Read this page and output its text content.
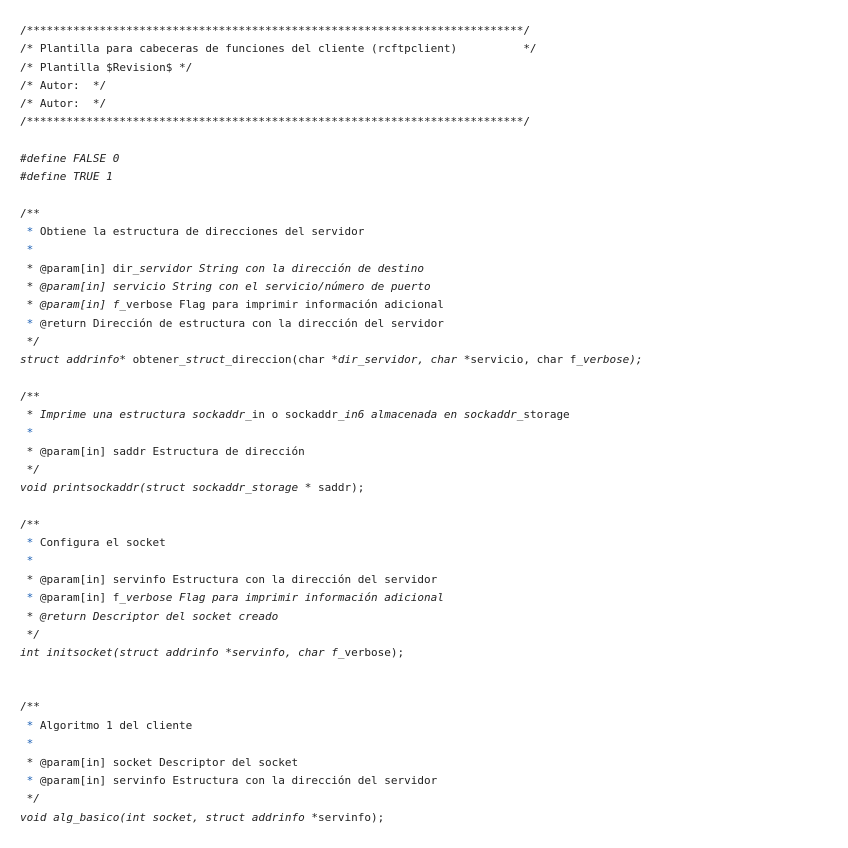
/***************************************************************************/
/* Plantilla para cabeceras de funciones del cliente (rcftpclient)          */
/* Plantilla $Revision$ */
/* Autor:  */
/* Autor:  */
/***************************************************************************/
#define FALSE 0
#define TRUE 1
/**
* Obtiene la estructura de direcciones del servidor
*
* @param[in] dir_servidor String con la dirección de destino
* @param[in] servicio String con el servicio/número de puerto
* @param[in] f_verbose Flag para imprimir información adicional
* @return Dirección de estructura con la dirección del servidor
*/
struct addrinfo* obtener_struct_direccion(char *dir_servidor, char *servicio, char f_verbose);
/**
* Imprime una estructura sockaddr_in o sockaddr_in6 almacenada en sockaddr_storage
*
* @param[in] saddr Estructura de dirección
*/
void printsockaddr(struct sockaddr_storage * saddr);
/**
* Configura el socket
*
* @param[in] servinfo Estructura con la dirección del servidor
* @param[in] f_verbose Flag para imprimir información adicional
* @return Descriptor del socket creado
*/
int initsocket(struct addrinfo *servinfo, char f_verbose);
/**
* Algoritmo 1 del cliente
*
* @param[in] socket Descriptor del socket
* @param[in] servinfo Estructura con la dirección del servidor
*/
void alg_basico(int socket, struct addrinfo *servinfo);
